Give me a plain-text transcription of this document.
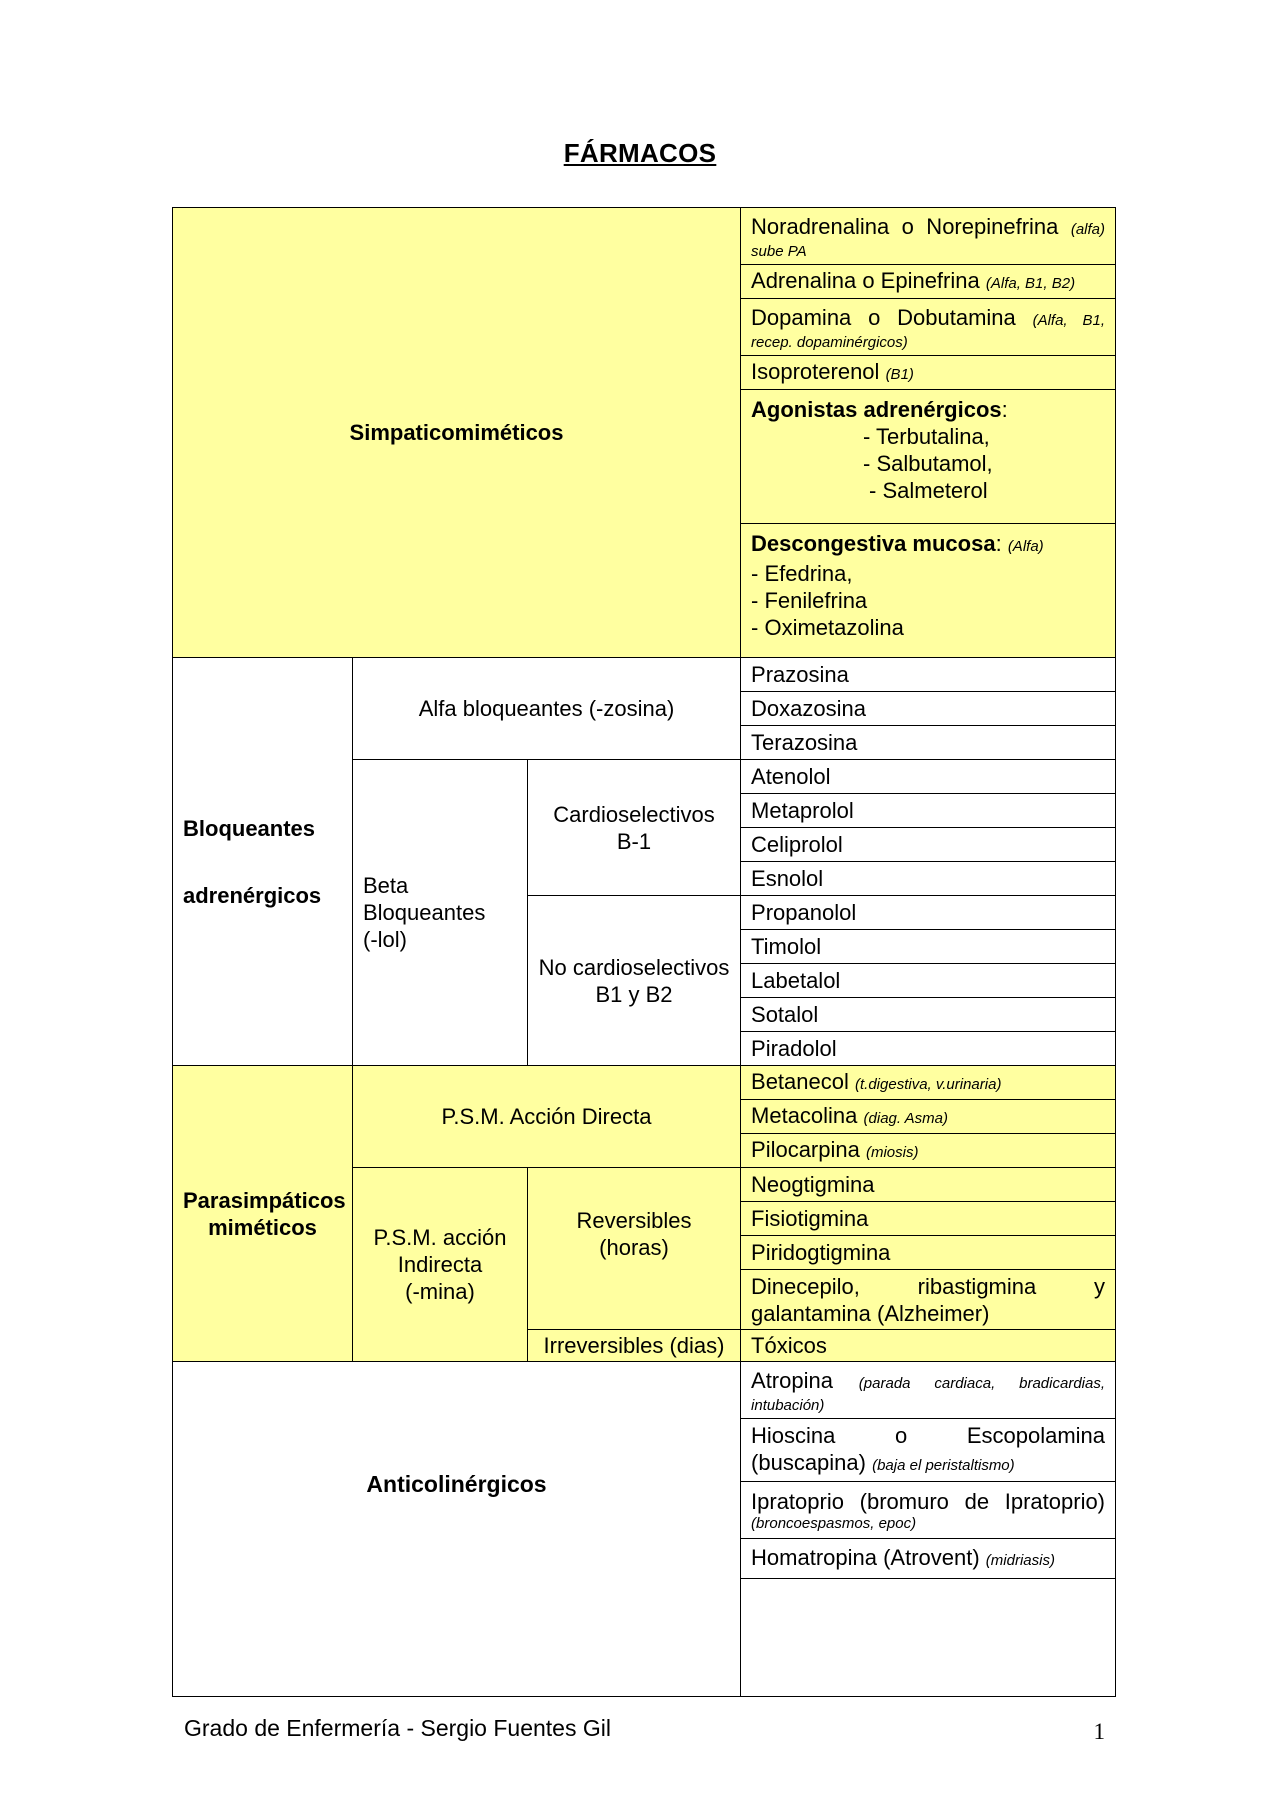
FÁRMACOS
Simpaticomiméticos			Noradrenalina o Norepinefrina (alfa)
sube PA

			Adrenalina o Epinefrina (Alfa, B1, B2)

			Dopamina o Dobutamina (Alfa, B1,
recep. dopaminérgicos)

			Isoproterenol (B1)

			Agonistas adrenérgicos:
- Terbutalina,
- Salbutamol,
- Salmeterol

			Descongestiva mucosa: (Alfa)
- Efedrina,
- Fenilefrina
- Oximetazolina

Bloqueantes
adrenérgicos	Alfa bloqueantes (-zosina)		Prazosina
			Doxazosina
			Terazosina

	Beta
Bloqueantes
(-lol)	Cardioselectivos
B-1	Atenolol
			Metaprolol
			Celiprolol
			Esnolol

		No cardioselectivos
B1 y B2	Propanolol
			Timolol
			Labetalol
			Sotalol
			Piradolol

Parasimpáticos
miméticos	P.S.M. Acción Directa		Betanecol (t.digestiva, v.urinaria)
			Metacolina (diag. Asma)
			Pilocarpina (miosis)

	P.S.M. acción
Indirecta
(-mina)	Reversibles
(horas)	Neogtigmina
			Fisiotigmina
			Piridogtigmina

			Dinecepilo, ribastigmina y
galantamina (Alzheimer)

		Irreversibles (dias)	Tóxicos

Anticolinérgicos			Atropina (parada cardiaca, bradicardias,
intubación)

			Hioscina o Escopolamina
(buscapina) (baja el peristaltismo)

			Ipratoprio (bromuro de Ipratoprio)
(broncoespasmos, epoc)

			Homatropina (Atrovent) (midriasis)

Grado de Enfermería - Sergio Fuentes Gil	1
